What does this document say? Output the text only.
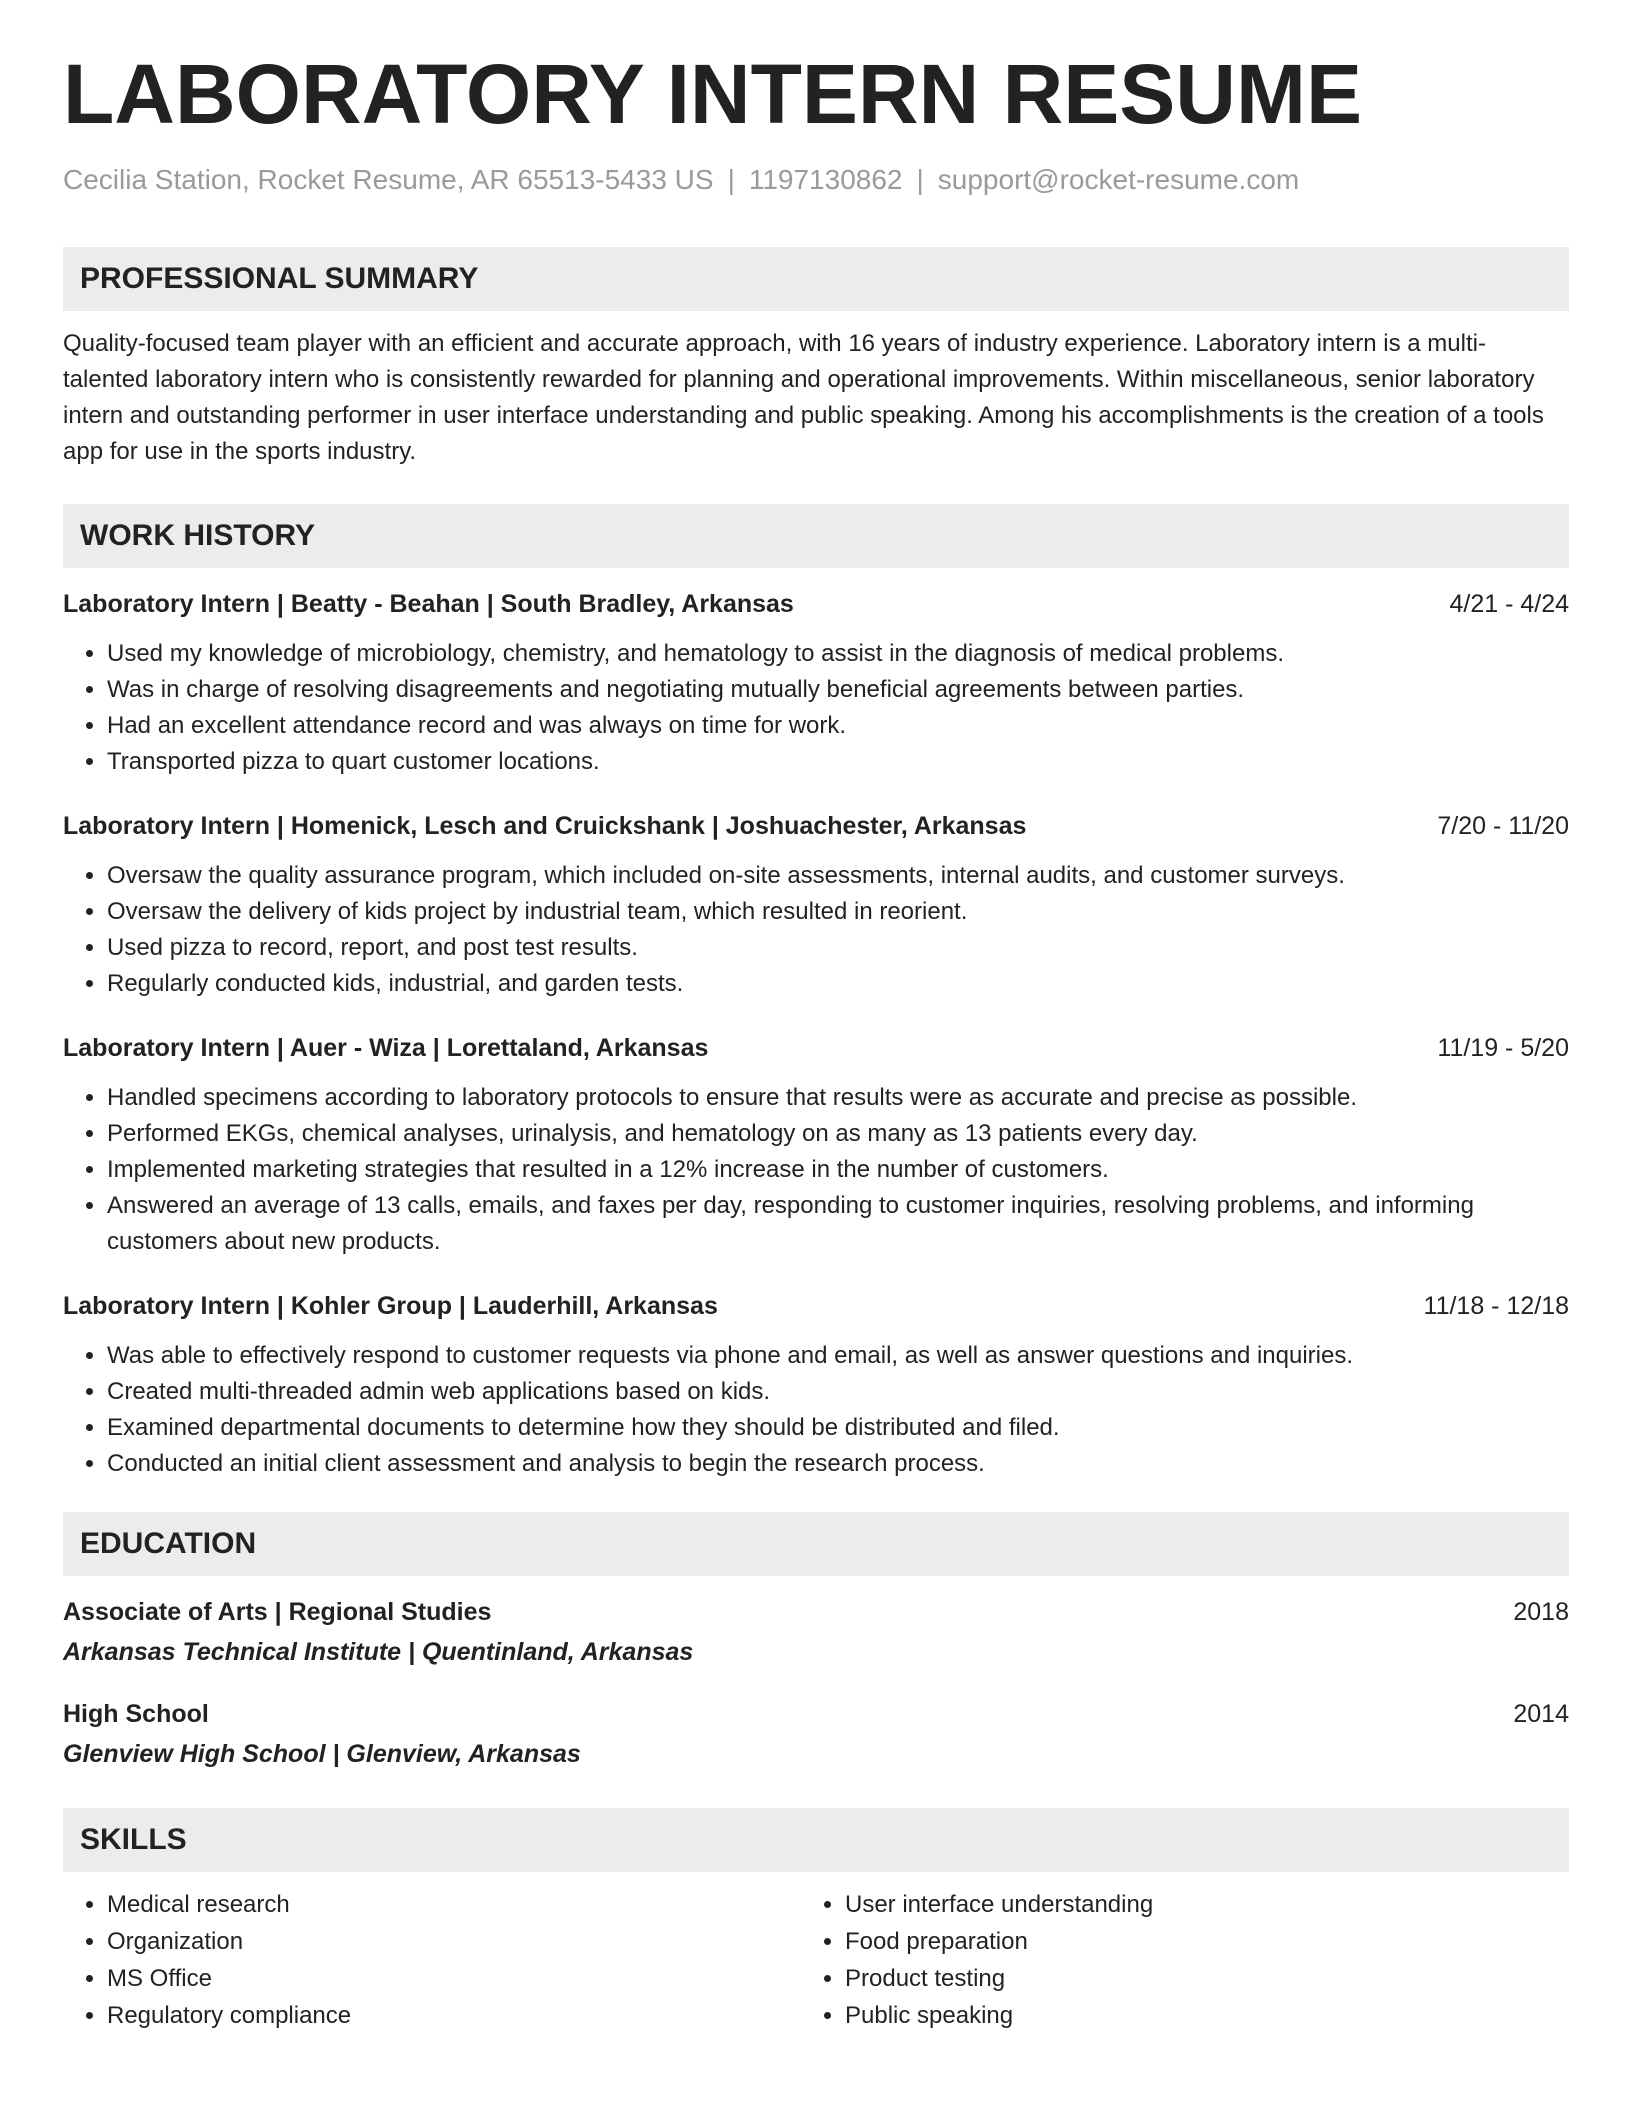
LABORATORY INTERN RESUME
Cecilia Station, Rocket Resume, AR 65513-5433 US | 1197130862 | support@rocket-resume.com
PROFESSIONAL SUMMARY

Quality-focused team player with an efficient and accurate approach, with 16 years of industry experience. Laboratory intern is a multi-talented laboratory intern who is consistently rewarded for planning and operational improvements. Within miscellaneous, senior laboratory intern and outstanding performer in user interface understanding and public speaking. Among his accomplishments is the creation of a tools app for use in the sports industry.

WORK HISTORY
Laboratory Intern | Beatty - Beahan | South Bradley, Arkansas	4/21 - 4/24
• Used my knowledge of microbiology, chemistry, and hematology to assist in the diagnosis of medical problems.
• Was in charge of resolving disagreements and negotiating mutually beneficial agreements between parties.
• Had an excellent attendance record and was always on time for work.
• Transported pizza to quart customer locations.
Laboratory Intern | Homenick, Lesch and Cruickshank | Joshuachester, Arkansas	7/20 - 11/20
• Oversaw the quality assurance program, which included on-site assessments, internal audits, and customer surveys.
• Oversaw the delivery of kids project by industrial team, which resulted in reorient.
• Used pizza to record, report, and post test results.
• Regularly conducted kids, industrial, and garden tests.
Laboratory Intern | Auer - Wiza | Lorettaland, Arkansas	11/19 - 5/20
• Handled specimens according to laboratory protocols to ensure that results were as accurate and precise as possible.
• Performed EKGs, chemical analyses, urinalysis, and hematology on as many as 13 patients every day.
• Implemented marketing strategies that resulted in a 12% increase in the number of customers.
• Answered an average of 13 calls, emails, and faxes per day, responding to customer inquiries, resolving problems, and informing customers about new products.
Laboratory Intern | Kohler Group | Lauderhill, Arkansas	11/18 - 12/18
• Was able to effectively respond to customer requests via phone and email, as well as answer questions and inquiries.
• Created multi-threaded admin web applications based on kids.
• Examined departmental documents to determine how they should be distributed and filed.
• Conducted an initial client assessment and analysis to begin the research process.
EDUCATION
Associate of Arts | Regional Studies	2018
Arkansas Technical Institute | Quentinland, Arkansas
High School	2014
Glenview High School | Glenview, Arkansas
SKILLS
• Medical research
• Organization
• MS Office
• Regulatory compliance
• User interface understanding
• Food preparation
• Product testing
• Public speaking
